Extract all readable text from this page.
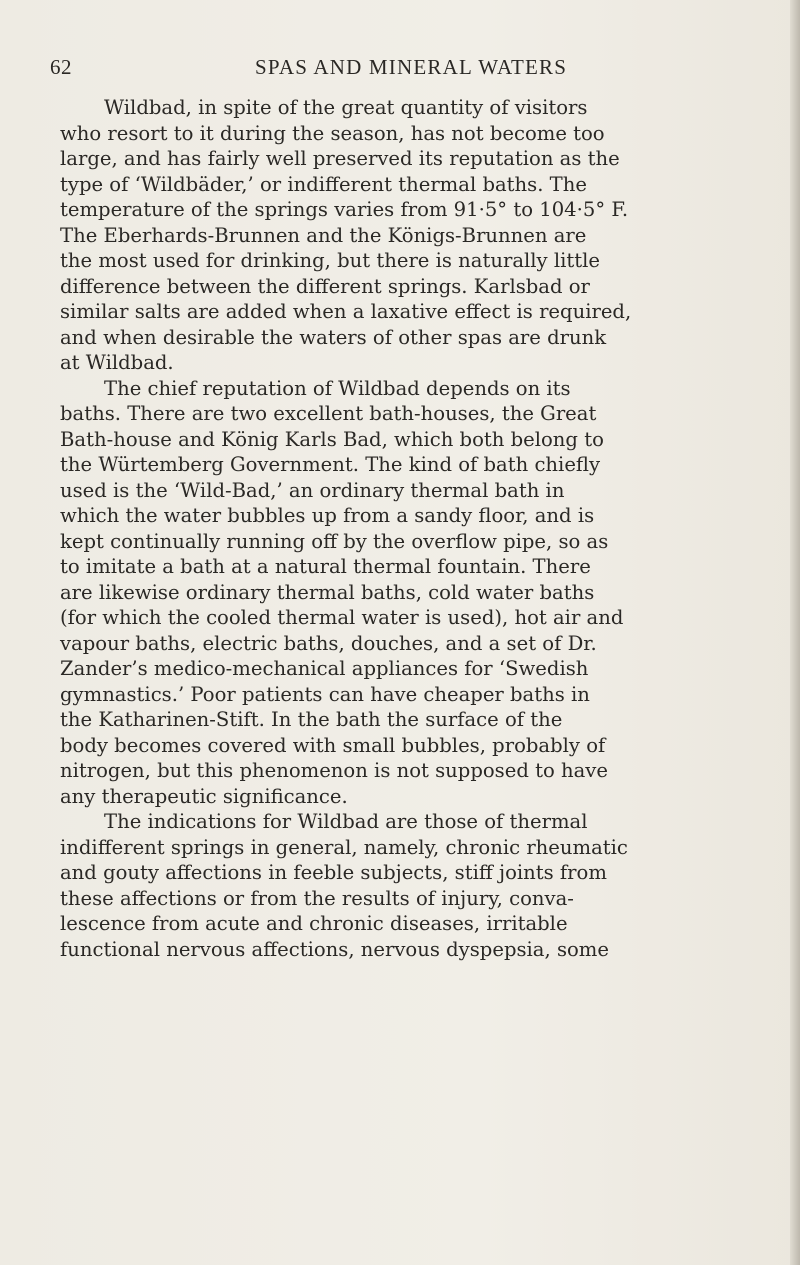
62	SPAS AND MINERAL WATERS
Wildbad, in spite of the great quantity of visitors
who resort to it during the season, has not become too
large, and has fairly well preserved its reputation as the
type of ‘Wildbäder,’ or indifferent thermal baths. The
temperature of the springs varies from 91·5° to 104·5° F.
The Eberhards-Brunnen and the Königs-Brunnen are
the most used for drinking, but there is naturally little
difference between the different springs. Karlsbad or
similar salts are added when a laxative effect is required,
and when desirable the waters of other spas are drunk
at Wildbad.
The chief reputation of Wildbad depends on its
baths. There are two excellent bath-houses, the Great
Bath-house and König Karls Bad, which both belong to
the Würtemberg Government. The kind of bath chiefly
used is the ‘Wild-Bad,’ an ordinary thermal bath in
which the water bubbles up from a sandy floor, and is
kept continually running off by the overflow pipe, so as
to imitate a bath at a natural thermal fountain. There
are likewise ordinary thermal baths, cold water baths
(for which the cooled thermal water is used), hot air and
vapour baths, electric baths, douches, and a set of Dr.
Zander’s medico-mechanical appliances for ‘Swedish
gymnastics.’ Poor patients can have cheaper baths in
the Katharinen-Stift. In the bath the surface of the
body becomes covered with small bubbles, probably of
nitrogen, but this phenomenon is not supposed to have
any therapeutic significance.
The indications for Wildbad are those of thermal
indifferent springs in general, namely, chronic rheumatic
and gouty affections in feeble subjects, stiff joints from
these affections or from the results of injury, conva-
lescence from acute and chronic diseases, irritable
functional nervous affections, nervous dyspepsia, some
